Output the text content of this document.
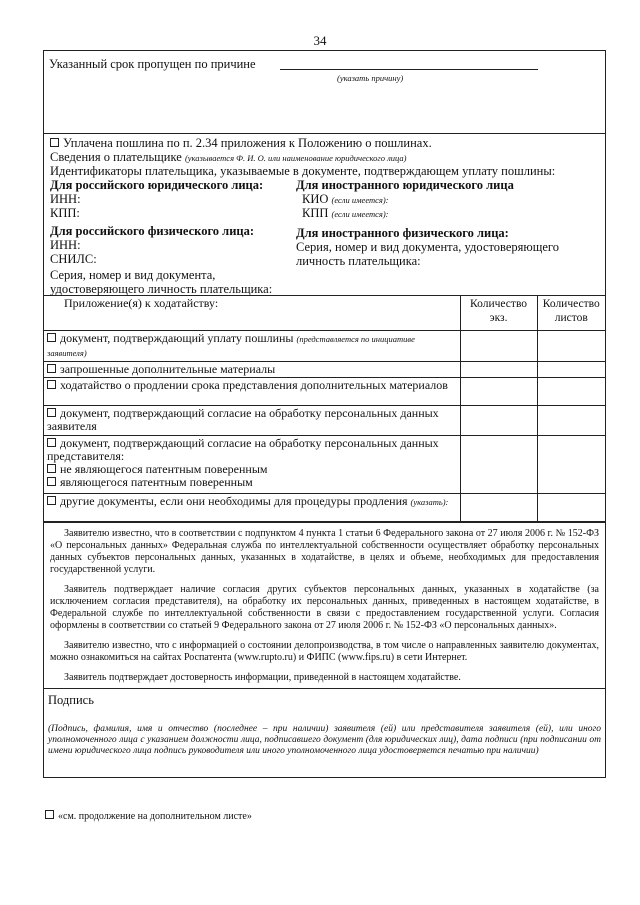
34
Указанный срок пропущен по причине
(указать причину)
Уплачена пошлина по п. 2.34 приложения к Положению о пошлинах.
Сведения о плательщике (указывается Ф. И. О. или наименование юридического лица)
Идентификаторы плательщика, указываемые в документе, подтверждающем уплату пошлины:
Для российского юридического лица:	Для иностранного юридического лица
ИНН:	КИО (если имеется):
КПП:	КПП (если имеется):
Для российского физического лица:	Для иностранного физического лица:
ИНН:	Серия, номер и вид документа, удостоверяющего
СНИЛС:	личность плательщика:
Серия, номер и вид документа,
удостоверяющего личность плательщика:
Приложение(я) к ходатайству:	Количество экз.	Количество листов
документ, подтверждающий уплату пошлины (представляется по инициативе заявителя)		
запрошенные дополнительные материалы		
ходатайство о продлении срока представления дополнительных материалов		
документ, подтверждающий согласие на обработку персональных данных заявителя		
документ, подтверждающий согласие на обработку персональных данных представителя:
не являющегося патентным поверенным
являющегося патентным поверенным		
другие документы, если они необходимы для процедуры продления (указать):		

Заявителю известно, что в соответствии с подпунктом 4 пункта 1 статьи 6 Федерального закона от 27 июля 2006 г. № 152-ФЗ «О персональных данных» Федеральная служба по интеллектуальной собственности осуществляет обработку персональных данных субъектов персональных данных, указанных в ходатайстве, в целях и объеме, необходимых для предоставления государственной услуги.

Заявитель подтверждает наличие согласия других субъектов персональных данных, указанных в ходатайстве (за исключением согласия представителя), на обработку их персональных данных, приведенных в настоящем ходатайстве, в Федеральной службе по интеллектуальной собственности в связи с предоставлением государственной услуги. Согласия оформлены в соответствии со статьей 9 Федерального закона от 27 июля 2006 г. № 152-ФЗ «О персональных данных».

Заявителю известно, что с информацией о состоянии делопроизводства, в том числе о направленных заявителю документах, можно ознакомиться на сайтах Роспатента (www.rupto.ru) и ФИПС (www.fips.ru) в сети Интернет.

Заявитель подтверждает достоверность информации, приведенной в настоящем ходатайстве.

Подпись
(Подпись, фамилия, имя и отчество (последнее – при наличии) заявителя (ей) или представителя заявителя (ей), или иного уполномоченного лица с указанием должности лица, подписавшего документ (для юридических лиц), дата подписи (при подписании от имени юридического лица подпись руководителя или иного уполномоченного лица удостоверяется печатью при наличии)
«см. продолжение на дополнительном листе»
